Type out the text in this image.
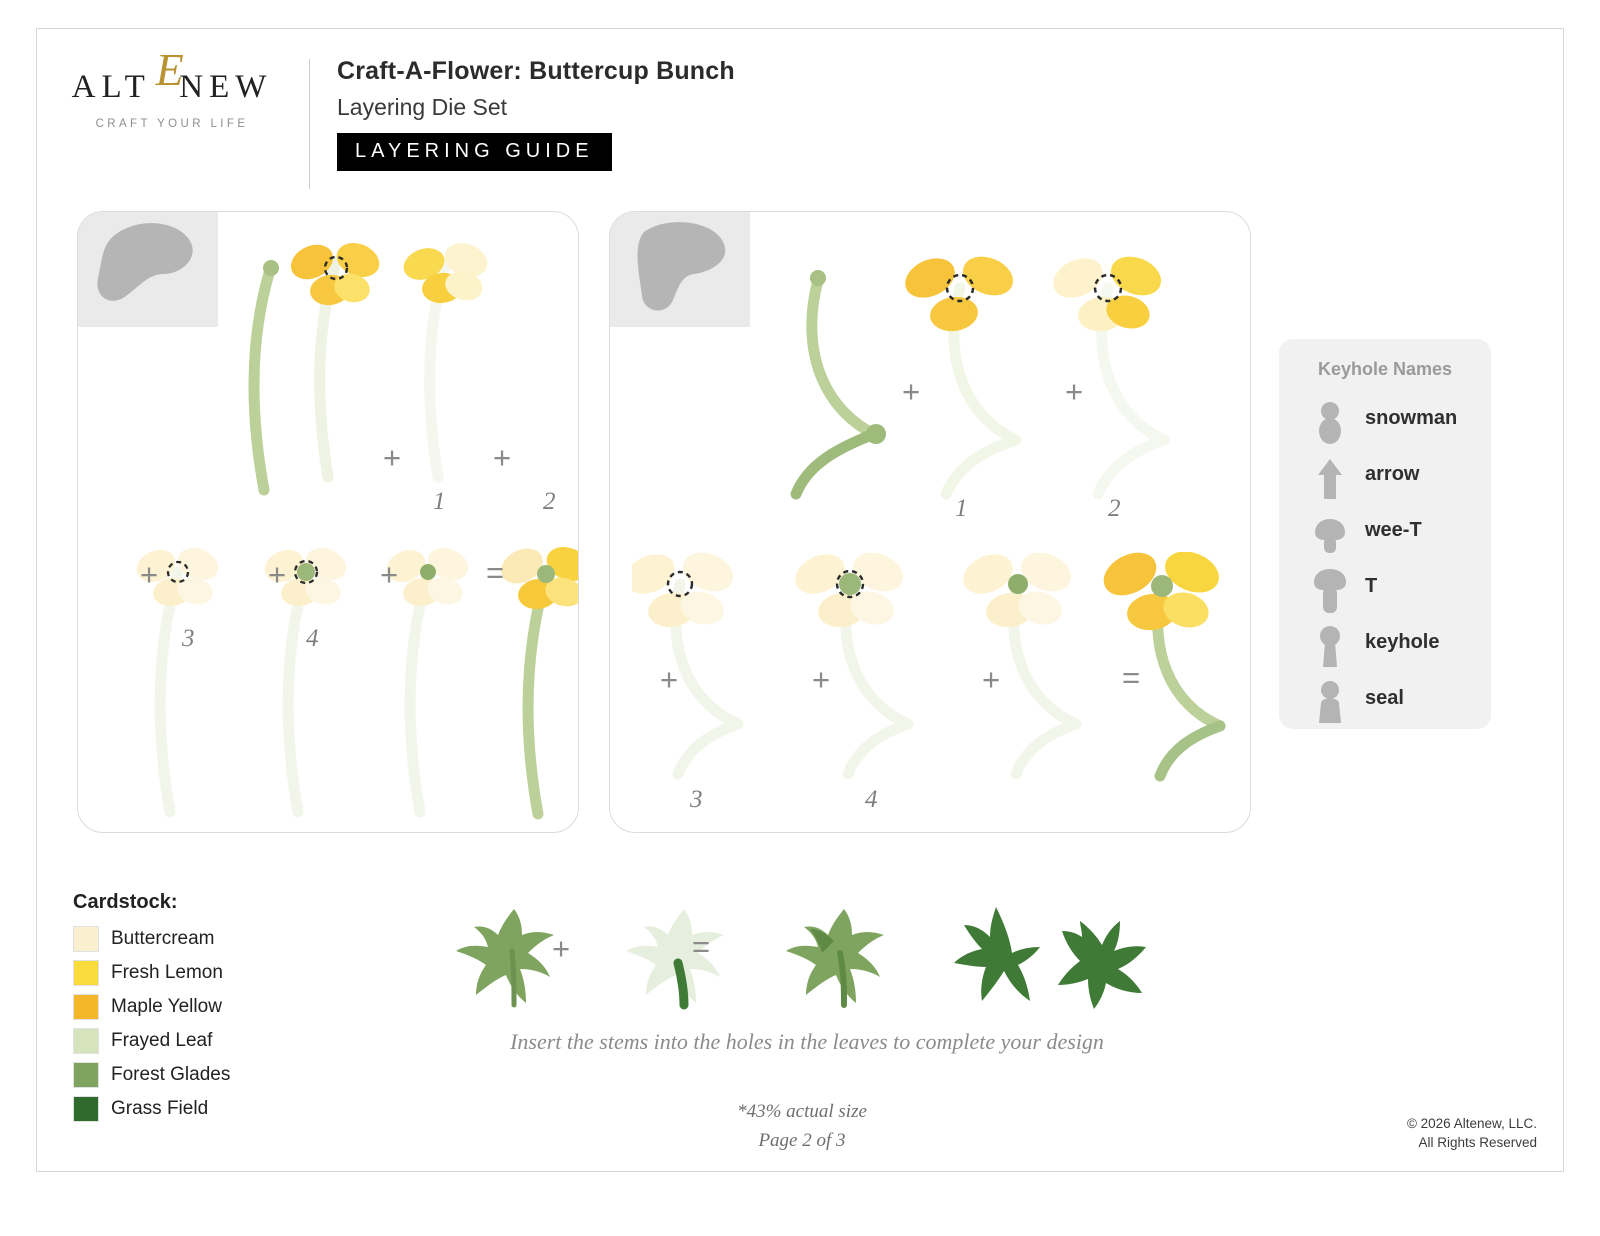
ALT NEW
E
CRAFT YOUR LIFE
Craft-A-Flower: Buttercup Bunch
Layering Die Set
LAYERING GUIDE
+	+
1	2
+	+	+	=
3	4
+	+
1	2
+	+	+	=
3	4
Keyhole Names
snowman
arrow
wee-T
T
keyhole
seal
Cardstock:
Buttercream
Fresh Lemon
Maple Yellow
Frayed Leaf
Forest Glades
Grass Field
+	=
Insert the stems into the holes in the leaves to complete your design
*43% actual size
Page 2 of 3
© 2026 Altenew, LLC.
All Rights Reserved
